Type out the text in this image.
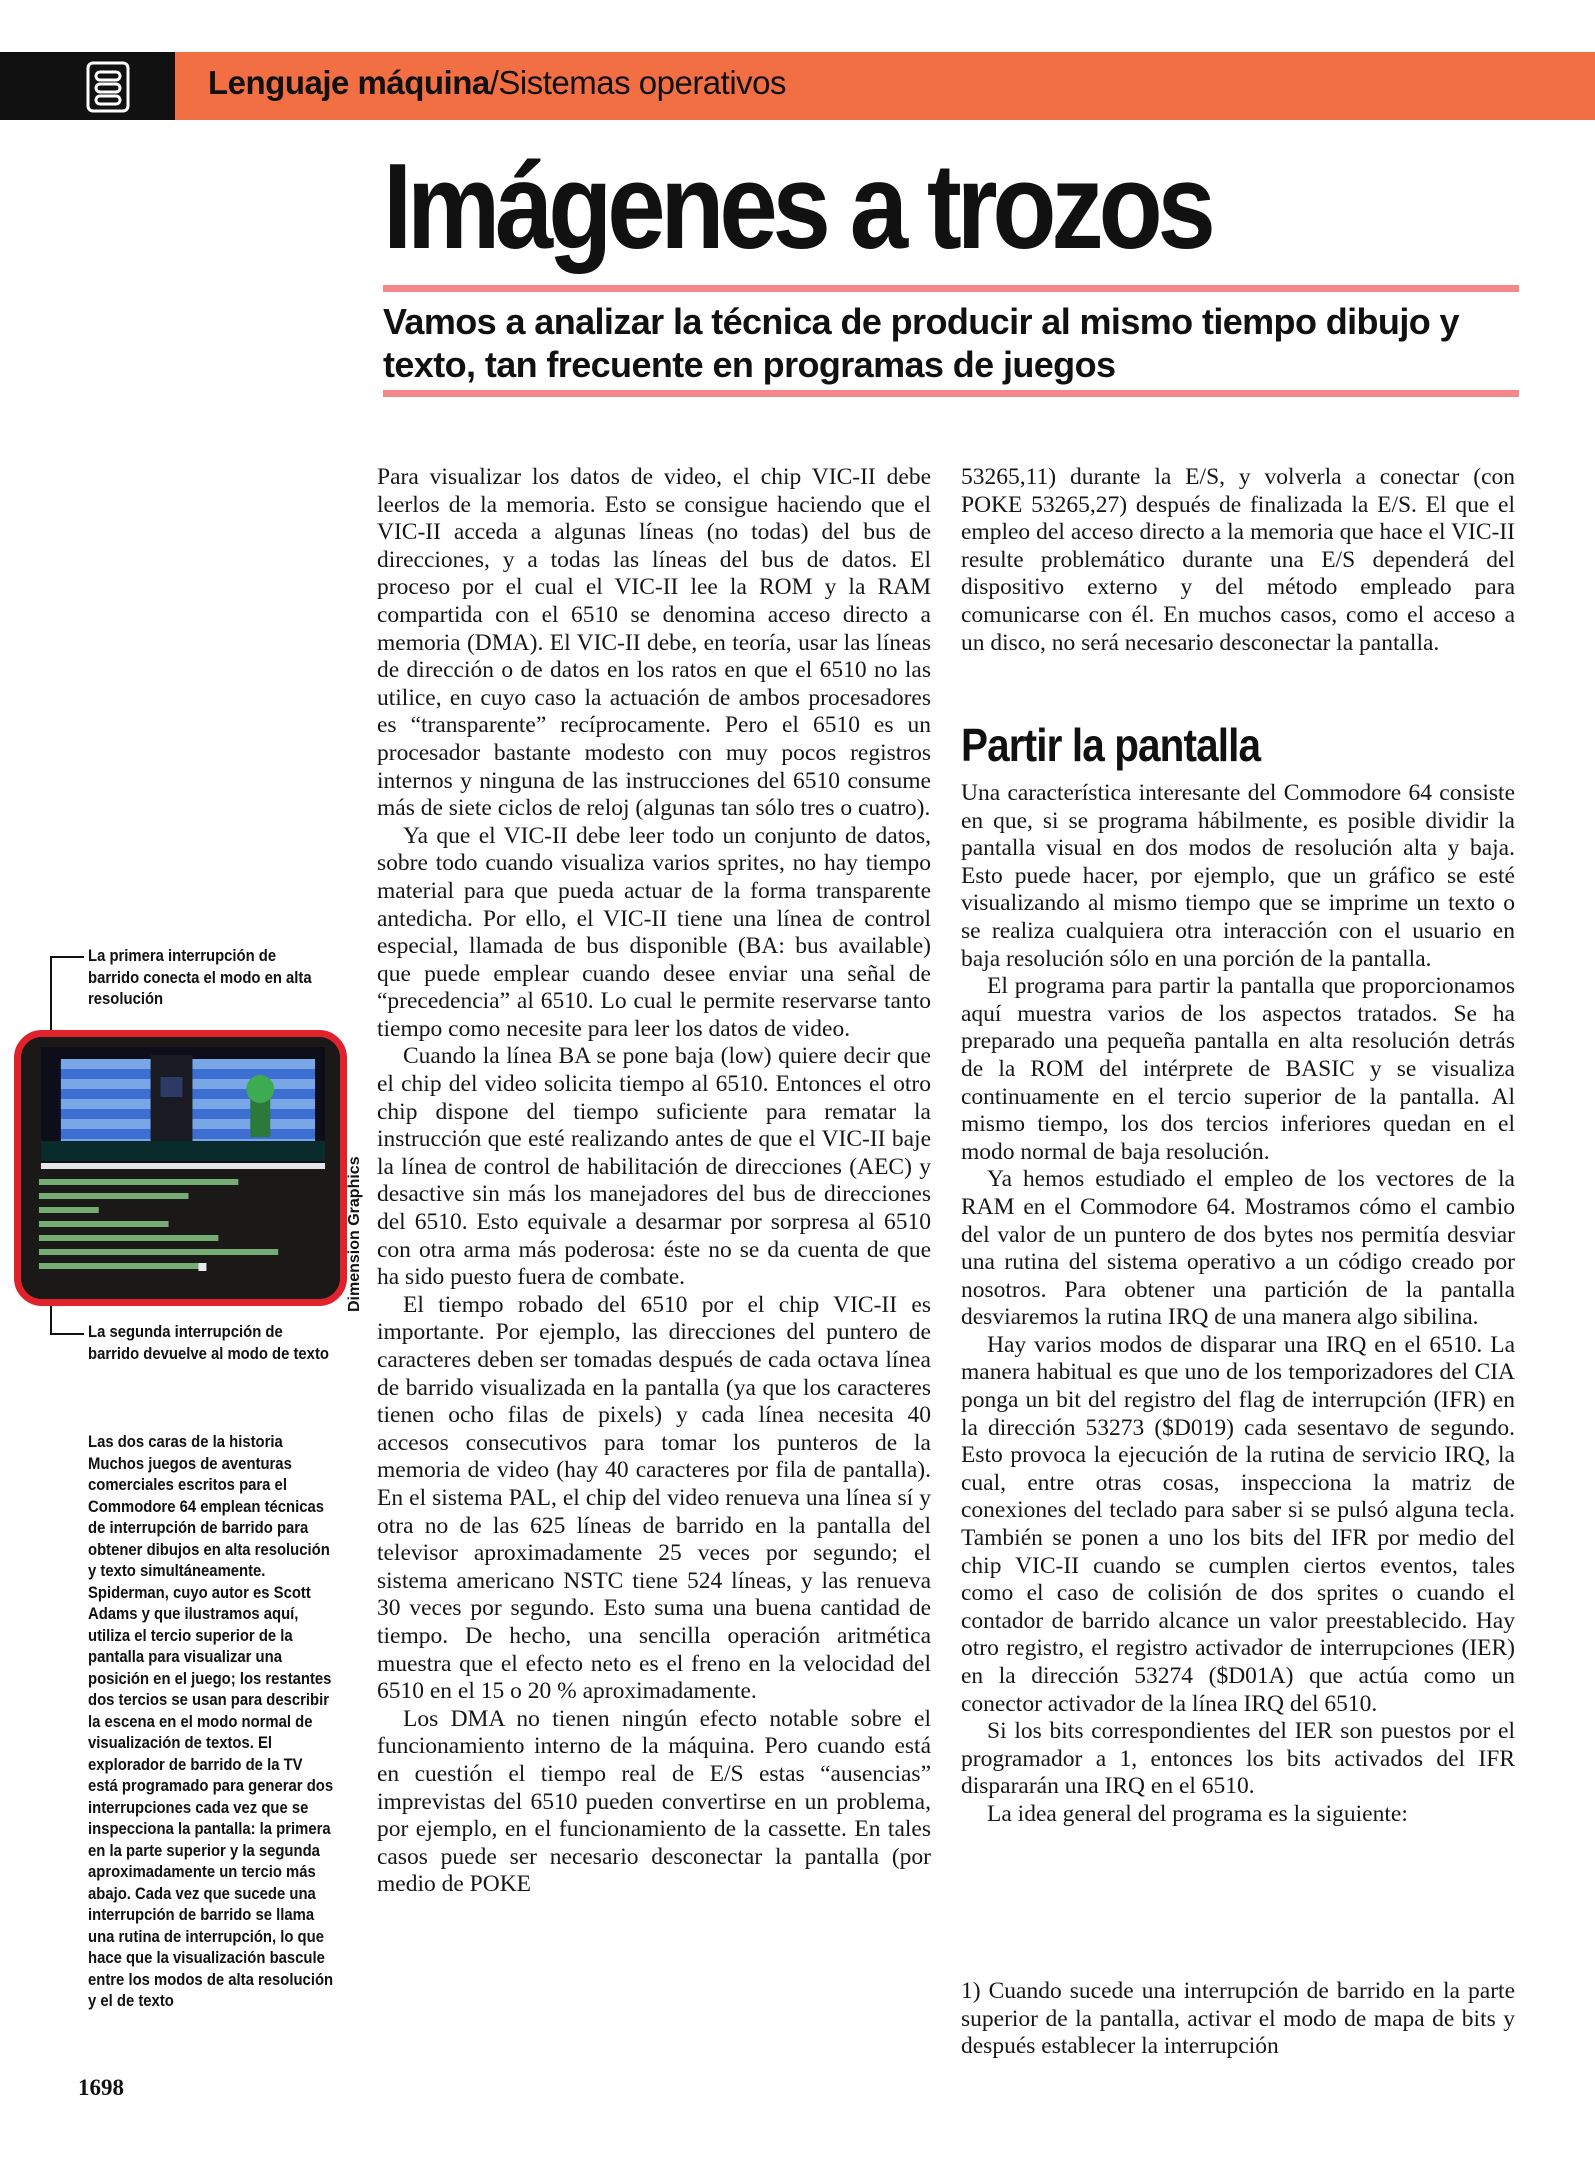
Lenguaje máquina/Sistemas operativos
Imágenes a trozos
Vamos a analizar la técnica de producir al mismo tiempo dibujo y texto, tan frecuente en programas de juegos

Para visualizar los datos de video, el chip VIC-II debe leerlos de la memoria. Esto se consigue haciendo que el VIC-II acceda a algunas líneas (no todas) del bus de direcciones, y a todas las líneas del bus de datos. El proceso por el cual el VIC-II lee la ROM y la RAM compartida con el 6510 se denomina acceso directo a memoria (DMA). El VIC-II debe, en teoría, usar las líneas de dirección o de datos en los ratos en que el 6510 no las utilice, en cuyo caso la actuación de ambos procesadores es “transparente” recíprocamente. Pero el 6510 es un procesador bastante modesto con muy pocos registros internos y ninguna de las instrucciones del 6510 consume más de siete ciclos de reloj (algunas tan sólo tres o cuatro).

Ya que el VIC-II debe leer todo un conjunto de datos, sobre todo cuando visualiza varios sprites, no hay tiempo material para que pueda actuar de la forma transparente antedicha. Por ello, el VIC-II tiene una línea de control especial, llamada de bus disponible (BA: bus available) que puede emplear cuando desee enviar una señal de “precedencia” al 6510. Lo cual le permite reservarse tanto tiempo como necesite para leer los datos de video.

Cuando la línea BA se pone baja (low) quiere decir que el chip del video solicita tiempo al 6510. Entonces el otro chip dispone del tiempo suficiente para rematar la instrucción que esté realizando antes de que el VIC-II baje la línea de control de habilitación de direcciones (AEC) y desactive sin más los manejadores del bus de direcciones del 6510. Esto equivale a desarmar por sorpresa al 6510 con otra arma más poderosa: éste no se da cuenta de que ha sido puesto fuera de combate.

El tiempo robado del 6510 por el chip VIC-II es importante. Por ejemplo, las direcciones del puntero de caracteres deben ser tomadas después de cada octava línea de barrido visualizada en la pantalla (ya que los caracteres tienen ocho filas de pixels) y cada línea necesita 40 accesos consecutivos para tomar los punteros de la memoria de video (hay 40 caracteres por fila de pantalla). En el sistema PAL, el chip del video renueva una línea sí y otra no de las 625 líneas de barrido en la pantalla del televisor aproximadamente 25 veces por segundo; el sistema americano NSTC tiene 524 líneas, y las renueva 30 veces por segundo. Esto suma una buena cantidad de tiempo. De hecho, una sencilla operación aritmética muestra que el efecto neto es el freno en la velocidad del 6510 en el 15 o 20 % aproximadamente.

Los DMA no tienen ningún efecto notable sobre el funcionamiento interno de la máquina. Pero cuando está en cuestión el tiempo real de E/S estas “ausencias” imprevistas del 6510 pueden convertirse en un problema, por ejemplo, en el funcionamiento de la cassette. En tales casos puede ser necesario desconectar la pantalla (por medio de POKE

53265,11) durante la E/S, y volverla a conectar (con POKE 53265,27) después de finalizada la E/S. El que el empleo del acceso directo a la memoria que hace el VIC-II resulte problemático durante una E/S dependerá del dispositivo externo y del método empleado para comunicarse con él. En muchos casos, como el acceso a un disco, no será necesario desconectar la pantalla.

Partir la pantalla

Una característica interesante del Commodore 64 consiste en que, si se programa hábilmente, es posible dividir la pantalla visual en dos modos de resolución alta y baja. Esto puede hacer, por ejemplo, que un gráfico se esté visualizando al mismo tiempo que se imprime un texto o se realiza cualquiera otra interacción con el usuario en baja resolución sólo en una porción de la pantalla.

El programa para partir la pantalla que proporcionamos aquí muestra varios de los aspectos tratados. Se ha preparado una pequeña pantalla en alta resolución detrás de la ROM del intérprete de BASIC y se visualiza continuamente en el tercio superior de la pantalla. Al mismo tiempo, los dos tercios inferiores quedan en el modo normal de baja resolución.

Ya hemos estudiado el empleo de los vectores de la RAM en el Commodore 64. Mostramos cómo el cambio del valor de un puntero de dos bytes nos permitía desviar una rutina del sistema operativo a un código creado por nosotros. Para obtener una partición de la pantalla desviaremos la rutina IRQ de una manera algo sibilina.

Hay varios modos de disparar una IRQ en el 6510. La manera habitual es que uno de los temporizadores del CIA ponga un bit del registro del flag de interrupción (IFR) en la dirección 53273 ($D019) cada sesentavo de segundo. Esto provoca la ejecución de la rutina de servicio IRQ, la cual, entre otras cosas, inspecciona la matriz de conexiones del teclado para saber si se pulsó alguna tecla. También se ponen a uno los bits del IFR por medio del chip VIC-II cuando se cumplen ciertos eventos, tales como el caso de colisión de dos sprites o cuando el contador de barrido alcance un valor preestablecido. Hay otro registro, el registro activador de interrupciones (IER) en la dirección 53274 ($D01A) que actúa como un conector activador de la línea IRQ del 6510.

Si los bits correspondientes del IER son puestos por el programador a 1, entonces los bits activados del IFR dispararán una IRQ en el 6510.

La idea general del programa es la siguiente:

1) Cuando sucede una interrupción de barrido en la parte superior de la pantalla, activar el modo de mapa de bits y después establecer la interrupción

La primera interrupción de barrido conecta el modo en alta resolución
Dimension Graphics
La segunda interrupción de barrido devuelve al modo de texto
Las dos caras de la historia
Muchos juegos de aventuras comerciales escritos para el Commodore 64 emplean técnicas de interrupción de barrido para obtener dibujos en alta resolución y texto simultáneamente. Spiderman, cuyo autor es Scott Adams y que ilustramos aquí, utiliza el tercio superior de la pantalla para visualizar una posición en el juego; los restantes dos tercios se usan para describir la escena en el modo normal de visualización de textos. El explorador de barrido de la TV está programado para generar dos interrupciones cada vez que se inspecciona la pantalla: la primera en la parte superior y la segunda aproximadamente un tercio más abajo. Cada vez que sucede una interrupción de barrido se llama una rutina de interrupción, lo que hace que la visualización bascule entre los modos de alta resolución y el de texto
1698
